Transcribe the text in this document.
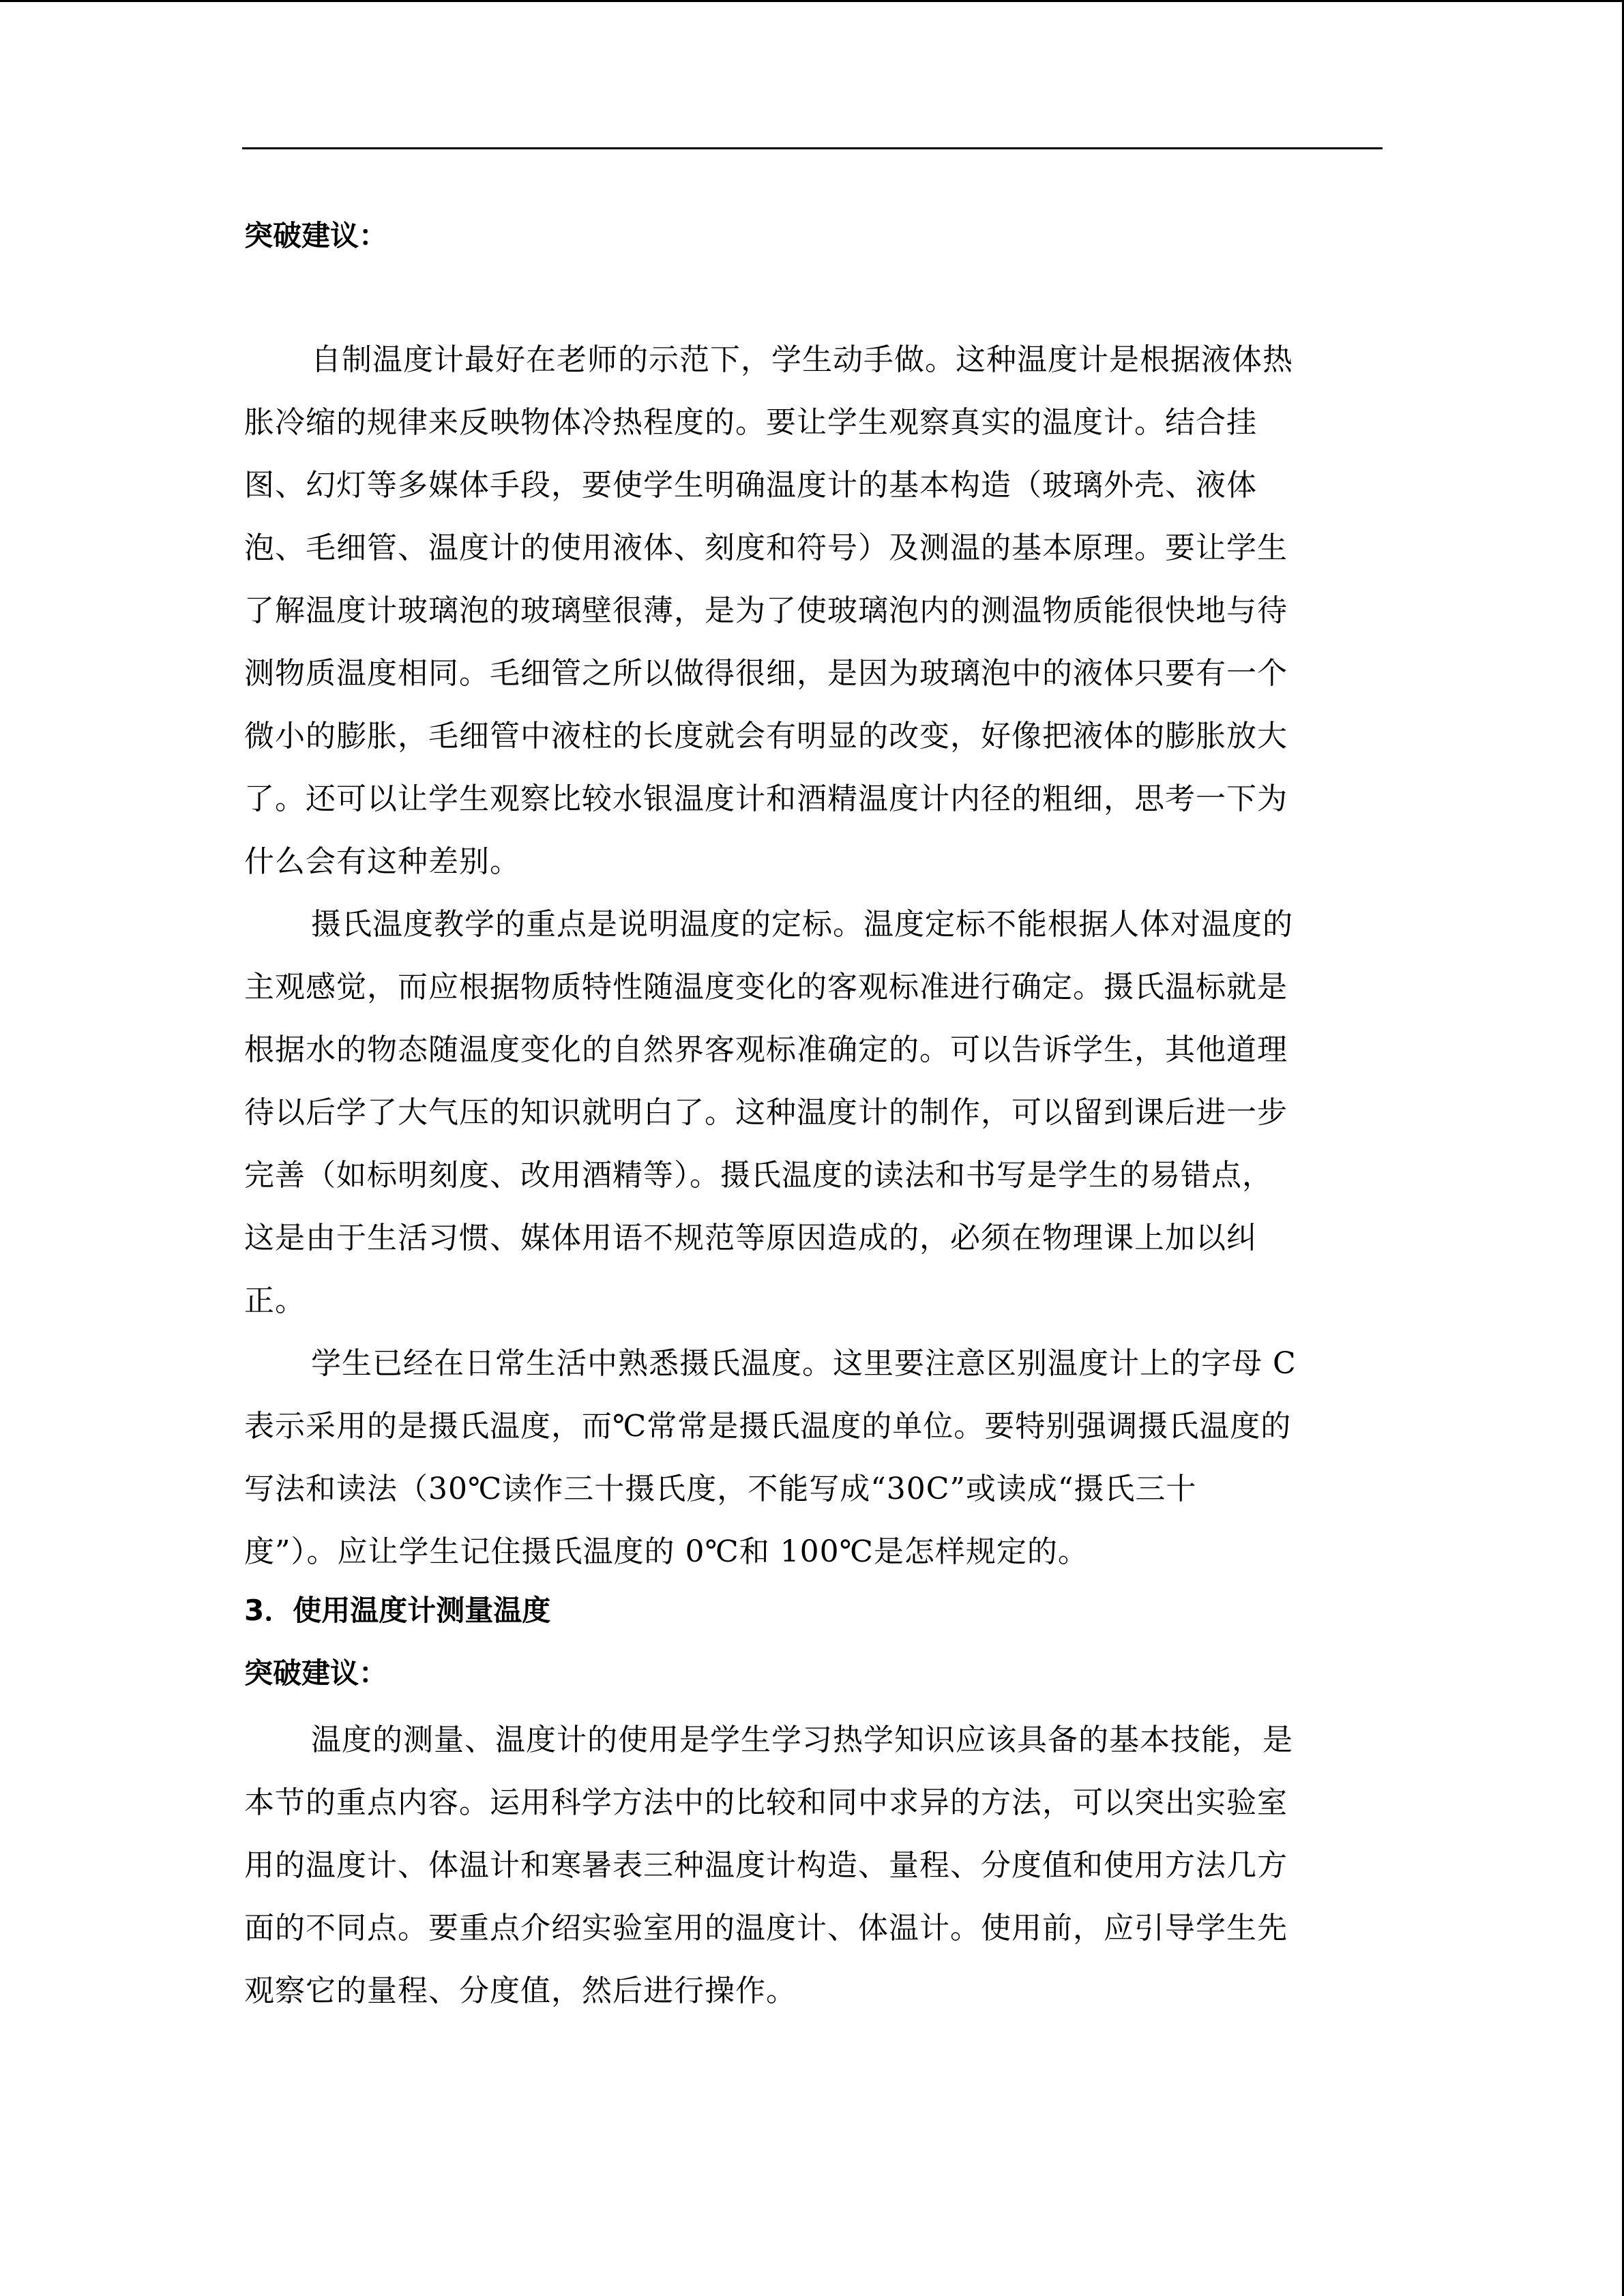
突破建议：

自制温度计最好在老师的示范下，学生动手做。这种温度计是根据液体热
胀冷缩的规律来反映物体冷热程度的。要让学生观察真实的温度计。结合挂
图、幻灯等多媒体手段，要使学生明确温度计的基本构造（玻璃外壳、液体
泡、毛细管、温度计的使用液体、刻度和符号）及测温的基本原理。要让学生
了解温度计玻璃泡的玻璃壁很薄，是为了使玻璃泡内的测温物质能很快地与待
测物质温度相同。毛细管之所以做得很细，是因为玻璃泡中的液体只要有一个
微小的膨胀，毛细管中液柱的长度就会有明显的改变，好像把液体的膨胀放大
了。还可以让学生观察比较水银温度计和酒精温度计内径的粗细，思考一下为
什么会有这种差别。

摄氏温度教学的重点是说明温度的定标。温度定标不能根据人体对温度的
主观感觉，而应根据物质特性随温度变化的客观标准进行确定。摄氏温标就是
根据水的物态随温度变化的自然界客观标准确定的。可以告诉学生，其他道理
待以后学了大气压的知识就明白了。这种温度计的制作，可以留到课后进一步
完善（如标明刻度、改用酒精等）。摄氏温度的读法和书写是学生的易错点，
这是由于生活习惯、媒体用语不规范等原因造成的，必须在物理课上加以纠
正。

学生已经在日常生活中熟悉摄氏温度。这里要注意区别温度计上的字母 C
表示采用的是摄氏温度，而℃常常是摄氏温度的单位。要特别强调摄氏温度的
写法和读法（30℃读作三十摄氏度，不能写成“30C”或读成“摄氏三十
度”）。应让学生记住摄氏温度的 0℃和 100℃是怎样规定的。

3．使用温度计测量温度

突破建议：

温度的测量、温度计的使用是学生学习热学知识应该具备的基本技能，是
本节的重点内容。运用科学方法中的比较和同中求异的方法，可以突出实验室
用的温度计、体温计和寒暑表三种温度计构造、量程、分度值和使用方法几方
面的不同点。要重点介绍实验室用的温度计、体温计。使用前，应引导学生先
观察它的量程、分度值，然后进行操作。
